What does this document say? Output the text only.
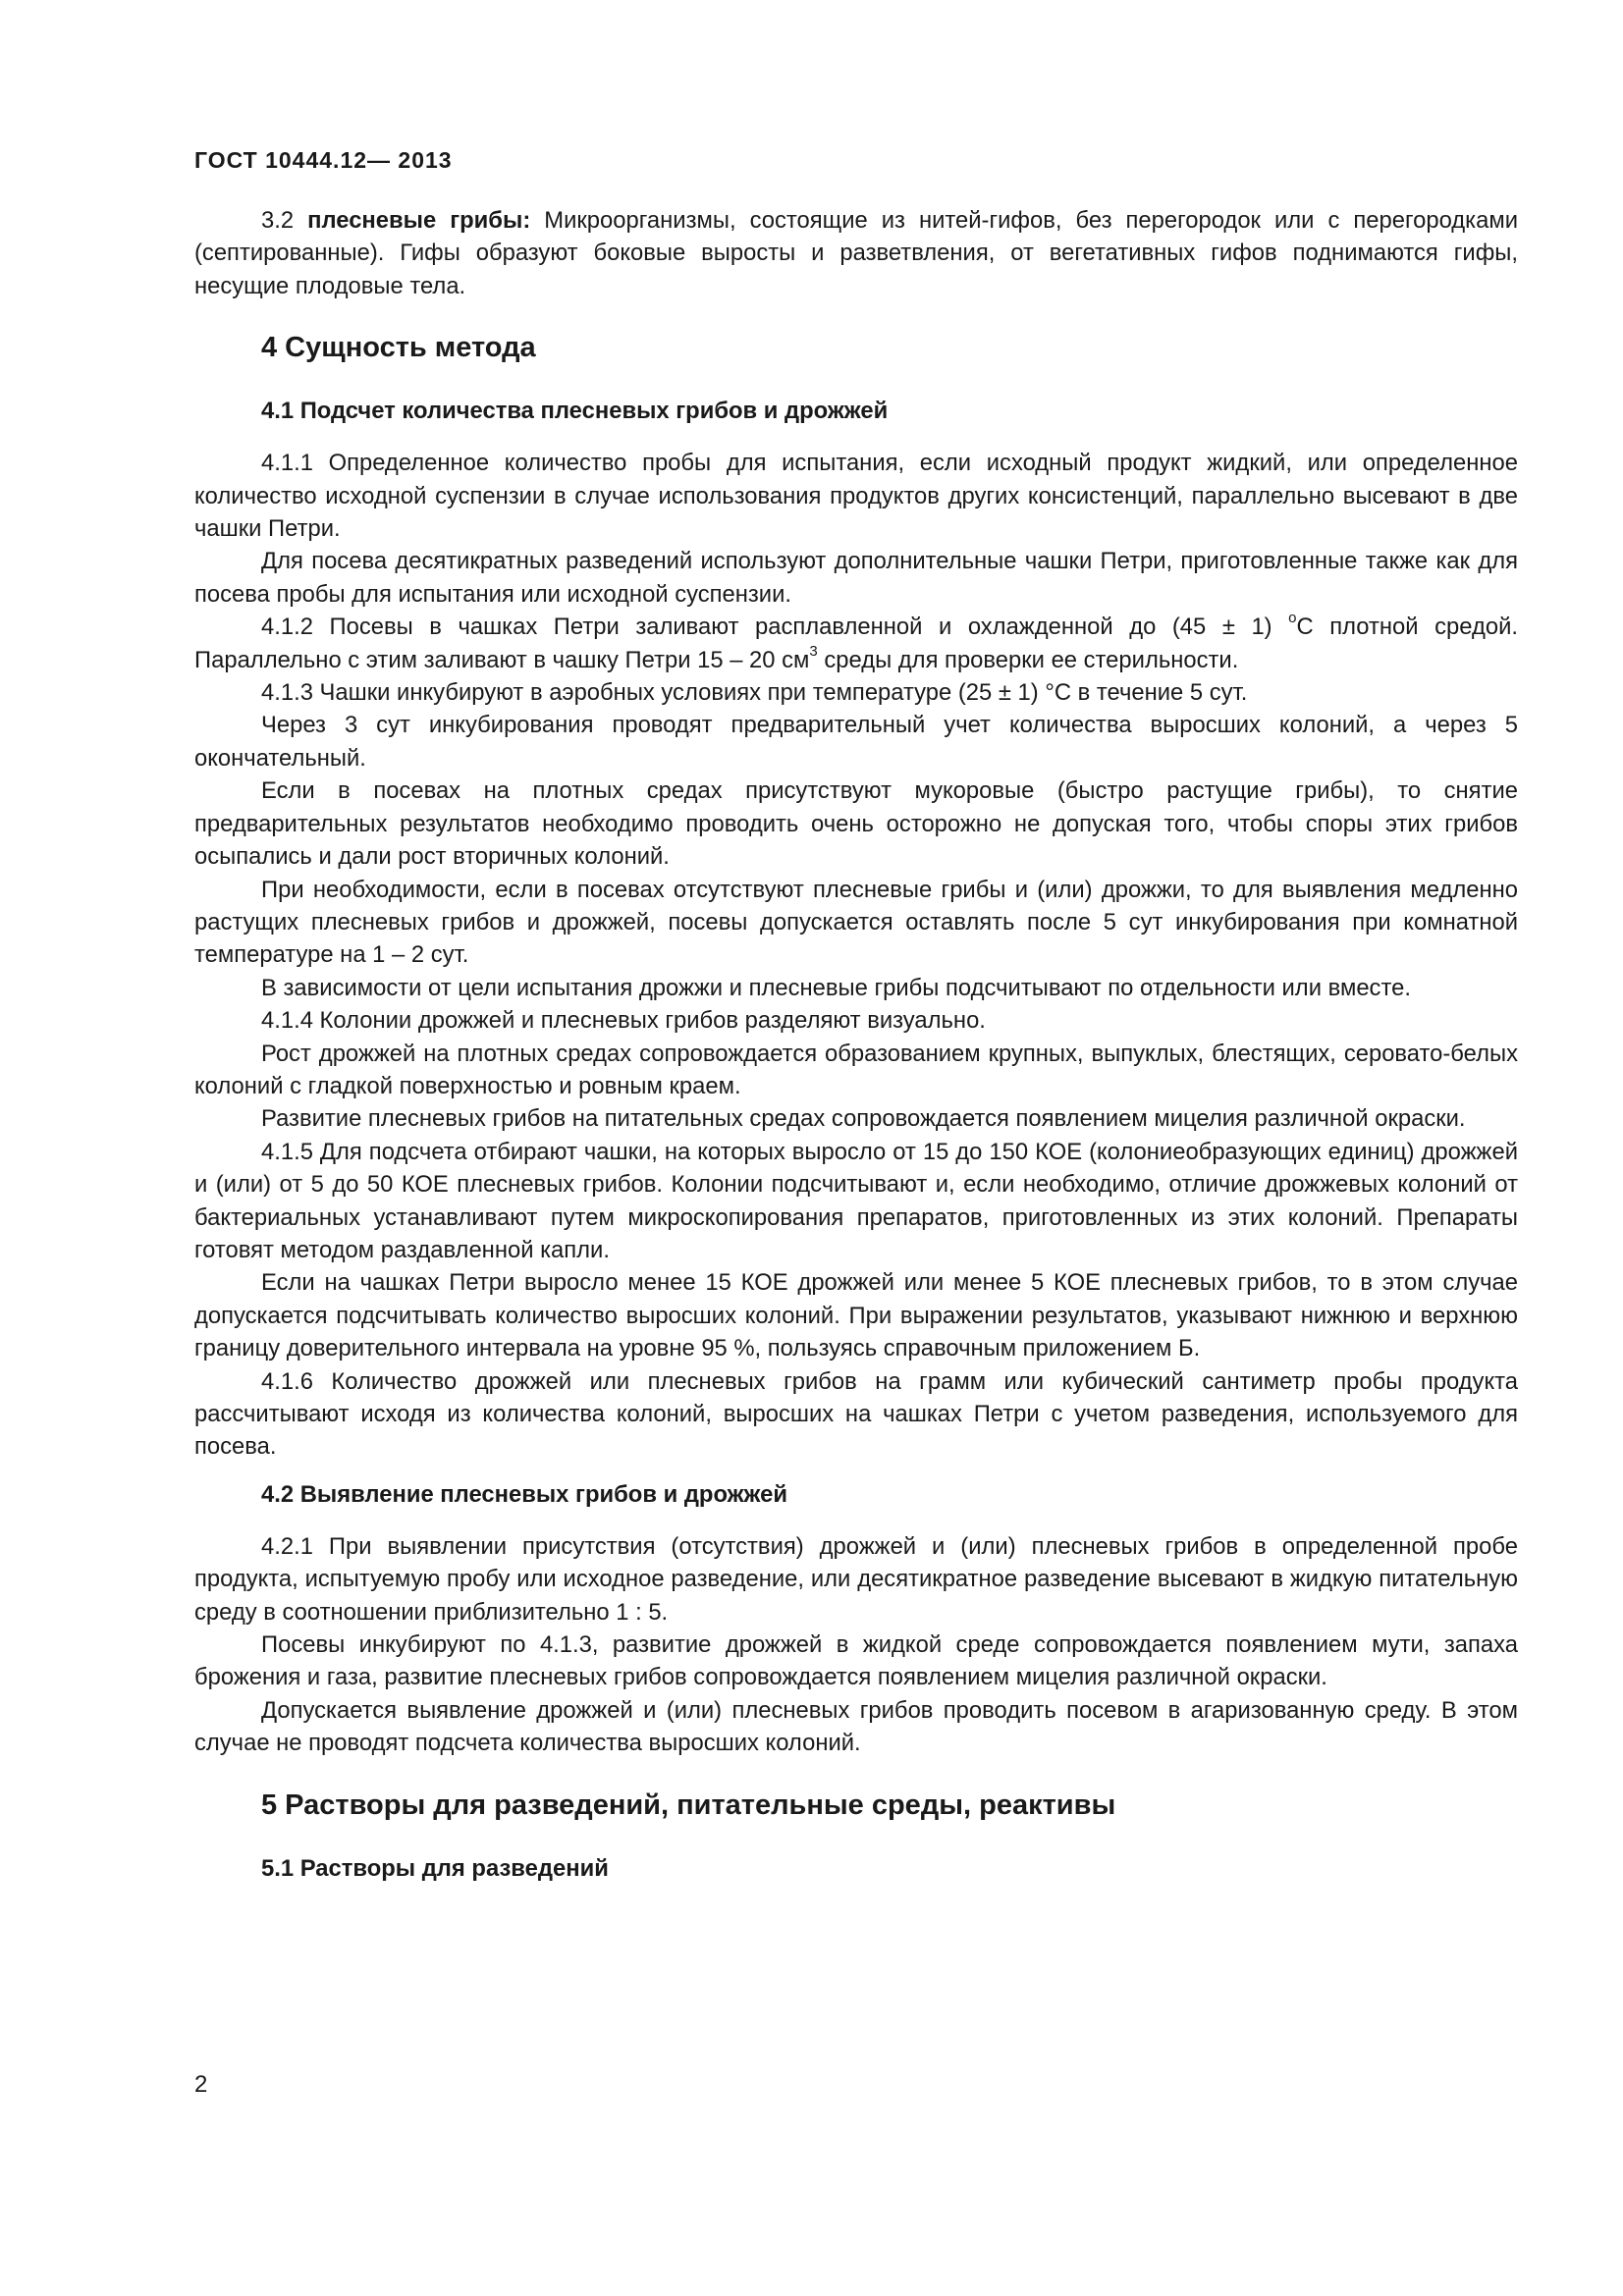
ГОСТ 10444.12— 2013

3.2 плесневые грибы: Микроорганизмы, состоящие из нитей-гифов, без перегородок или с перегородками (септированные). Гифы образуют боковые выросты и разветвления, от вегетативных гифов поднимаются гифы, несущие плодовые тела.

4 Сущность метода
4.1 Подсчет количества плесневых грибов и дрожжей

4.1.1 Определенное количество пробы для испытания, если исходный продукт жидкий, или определенное количество исходной суспензии в случае использования продуктов других консистенций, параллельно высевают в две чашки Петри.

Для посева десятикратных разведений используют дополнительные чашки Петри, приготовленные также как для посева пробы для испытания или исходной суспензии.

4.1.2 Посевы в чашках Петри заливают расплавленной и охлажденной до (45 ± 1) $^o$С плотной средой. Параллельно с этим заливают в чашку Петри 15 – 20 $см^3$ среды для проверки ее стерильности.

4.1.3 Чашки инкубируют в аэробных условиях при температуре (25 ± 1) °С в течение 5 сут.

Через 3 сут инкубирования проводят предварительный учет количества выросших колоний, а через 5 окончательный.

Если в посевах на плотных средах присутствуют мукоровые (быстро растущие грибы), то снятие предварительных результатов необходимо проводить очень осторожно не допуская того, чтобы споры этих грибов осыпались и дали рост вторичных колоний.

При необходимости, если в посевах отсутствуют плесневые грибы и (или) дрожжи, то для выявления медленно растущих плесневых грибов и дрожжей, посевы допускается оставлять после 5 сут инкубирования при комнатной температуре на 1 – 2 сут.

В зависимости от цели испытания дрожжи и плесневые грибы подсчитывают по отдельности или вместе.

4.1.4 Колонии дрожжей и плесневых грибов разделяют визуально.

Рост дрожжей на плотных средах сопровождается образованием крупных, выпуклых, блестящих, серовато-белых колоний с гладкой поверхностью и ровным краем.

Развитие плесневых грибов на питательных средах сопровождается появлением мицелия различной окраски.

4.1.5 Для подсчета отбирают чашки, на которых выросло от 15 до 150 КОЕ (колониеобразующих единиц) дрожжей и (или) от 5 до 50 КОЕ плесневых грибов. Колонии подсчитывают и, если необходимо, отличие дрожжевых колоний от бактериальных устанавливают путем микроскопирования препаратов, приготовленных из этих колоний. Препараты готовят методом раздавленной капли.

Если на чашках Петри выросло менее 15 КОЕ дрожжей или менее 5 КОЕ плесневых грибов, то в этом случае допускается подсчитывать количество выросших колоний. При выражении результатов, указывают нижнюю и верхнюю границу доверительного интервала на уровне 95 %, пользуясь справочным приложением Б.

4.1.6 Количество дрожжей или плесневых грибов на грамм или кубический сантиметр пробы продукта рассчитывают исходя из количества колоний, выросших на чашках Петри с учетом разведения, используемого для посева.

4.2 Выявление плесневых грибов и дрожжей

4.2.1 При выявлении присутствия (отсутствия) дрожжей и (или) плесневых грибов в определенной пробе продукта, испытуемую пробу или исходное разведение, или десятикратное разведение высевают в жидкую питательную среду в соотношении приблизительно 1 : 5.

Посевы инкубируют по 4.1.3, развитие дрожжей в жидкой среде сопровождается появлением мути, запаха брожения и газа, развитие плесневых грибов сопровождается появлением мицелия различной окраски.

Допускается выявление дрожжей и (или) плесневых грибов проводить посевом в агаризованную среду. В этом случае не проводят подсчета количества выросших колоний.

5 Растворы для разведений, питательные среды, реактивы
5.1 Растворы для разведений
2
